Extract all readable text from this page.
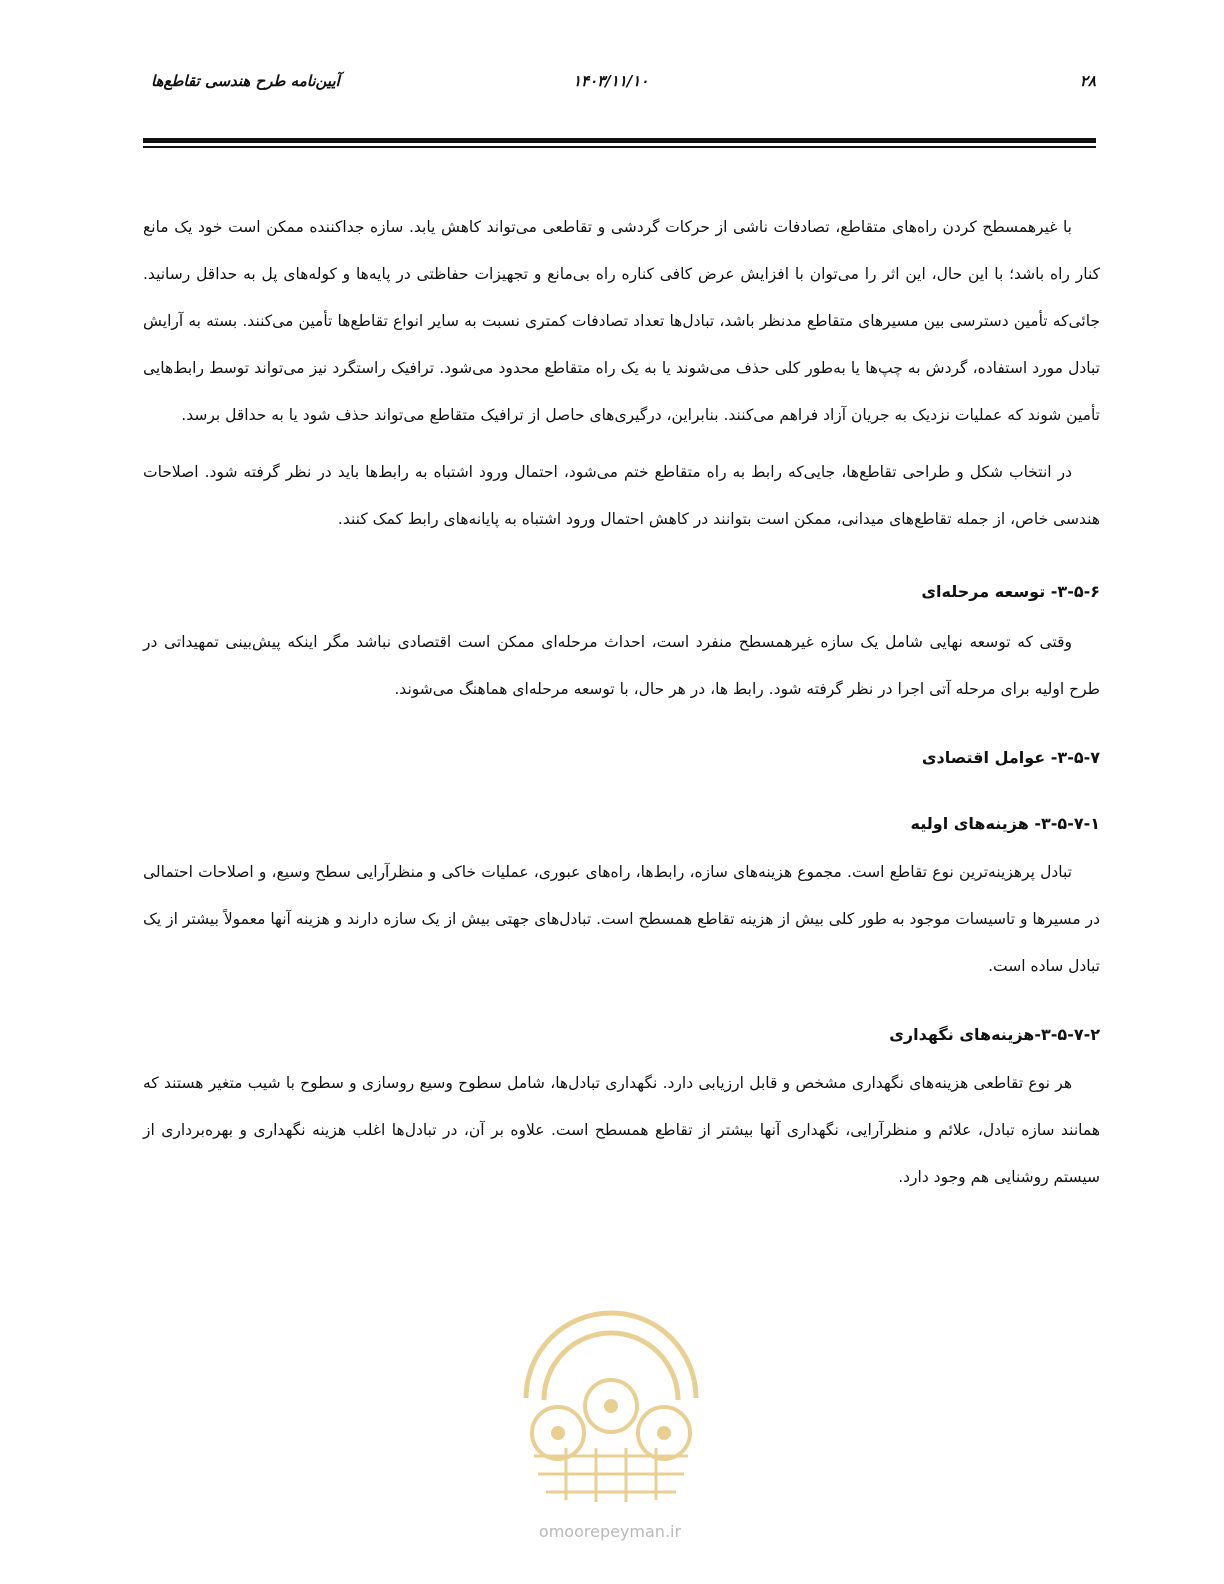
آیین‌نامه طرح هندسی تقاطع‌ها	۱۴۰۳/۱۱/۱۰	۲۸

با غیرهمسطح کردن راه‌های متقاطع، تصادفات ناشی از حرکات گردشی و تقاطعی می‌تواند کاهش یابد. سازه جداکننده ممکن است خود یک مانع کنار راه باشد؛ با این حال، این اثر را می‌توان با افزایش عرض کافی کناره راه بی‌مانع و تجهیزات حفاظتی در پایه‌ها و کوله‌های پل به حداقل رسانید. جائی‌که تأمین دسترسی بین مسیرهای متقاطع مدنظر باشد، تبادل‌ها تعداد تصادفات کمتری نسبت به سایر انواع تقاطع‌ها تأمین می‌کنند. بسته به آرایش تبادل مورد استفاده، گردش به چپ‌ها یا به‌طور کلی حذف می‌شوند یا به یک راه متقاطع محدود می‌شود. ترافیک راستگرد نیز می‌تواند توسط رابط‌هایی تأمین شوند که عملیات نزدیک به جریان آزاد فراهم می‌کنند. بنابراین، درگیری‌های حاصل از ترافیک متقاطع می‌تواند حذف شود یا به حداقل برسد.

در انتخاب شکل و طراحی تقاطع‌ها، جایی‌که رابط به راه متقاطع ختم می‌شود، احتمال ورود اشتباه به رابط‌ها باید در نظر گرفته شود. اصلاحات هندسی خاص، از جمله تقاطع‌های میدانی، ممکن است بتوانند در کاهش احتمال ورود اشتباه به پایانه‌های رابط کمک کنند.

۳-۵-۶- توسعه مرحله‌ای

وقتی که توسعه نهایی شامل یک سازه غیرهمسطح منفرد است، احداث مرحله‌ای ممکن است اقتصادی نباشد مگر اینکه پیش‌بینی تمهیداتی در طرح اولیه برای مرحله آتی اجرا در نظر گرفته شود. رابط ها، در هر حال، با توسعه مرحله‌ای هماهنگ می‌شوند.

۳-۵-۷- عوامل اقتصادی
۳-۵-۷-۱- هزینه‌های اولیه

تبادل پرهزینه‌ترین نوع تقاطع است. مجموع هزینه‌های سازه، رابط‌ها، راه‌های عبوری، عملیات خاکی و منظرآرایی سطح وسیع، و اصلاحات احتمالی در مسیرها و تاسیسات موجود به طور کلی بیش از هزینه تقاطع همسطح است. تبادل‌های جهتی بیش از یک سازه دارند و هزینه آنها معمولاً بیشتر از یک تبادل ساده است.

۳-۵-۷-۲-هزینه‌های نگهداری

هر نوع تقاطعی هزینه‌های نگهداری مشخص و قابل ارزیابی دارد. نگهداری تبادل‌ها، شامل سطوح وسیع روسازی و سطوح با شیب متغیر هستند که همانند سازه تبادل، علائم و منظرآرایی، نگهداری آنها بیشتر از تقاطع همسطح است. علاوه بر آن، در تبادل‌ها اغلب هزینه نگهداری و بهره‌برداری از سیستم روشنایی هم وجود دارد.

omoorepeyman.ir
